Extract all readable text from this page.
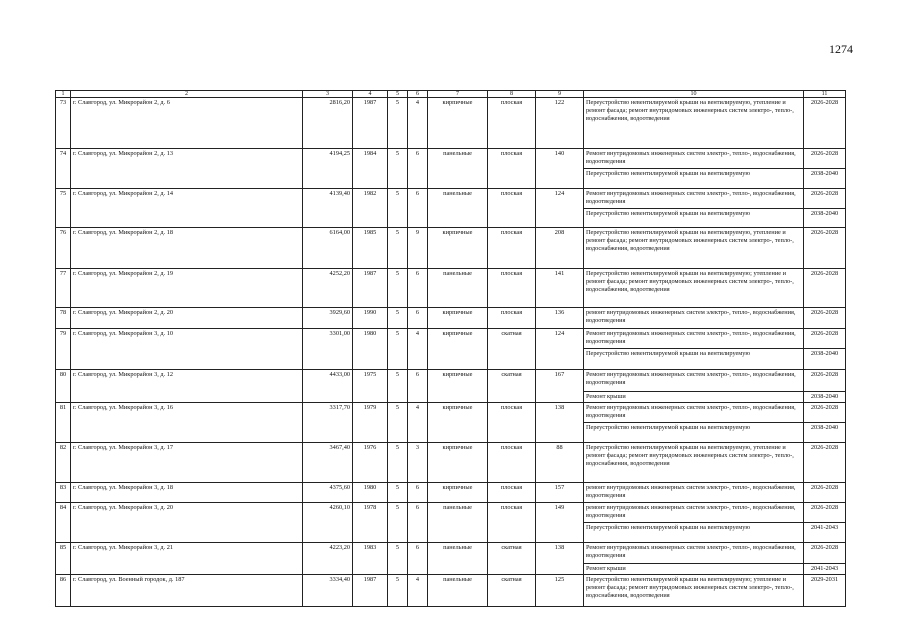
1274
1	2	3	4	5	6	7	8	9	10	11
73	г. Славгород, ул. Микрорайон 2, д. 6	2816,20	1987	5	4	кирпичные	плоская	122	Переустройство невентилируемой крыши на вентилируемую, утепление и ремонт фасада; ремонт внутридомовых инженерных систем электро-, тепло-, водоснабжения, водоотведения	2026-2028
74	г. Славгород, ул. Микрорайон 2, д. 13	4194,25	1984	5	6	панельные	плоская	140	Ремонт внутридомовых инженерных систем электро-, тепло-, водоснабжения, водоотведения	2026-2028
									Переустройство невентилируемой крыши на вентилируемую	2038-2040
75	г. Славгород, ул. Микрорайон 2, д. 14	4139,40	1982	5	6	панельные	плоская	124	Ремонт внутридомовых инженерных систем электро-, тепло-, водоснабжения, водоотведения	2026-2028
									Переустройство невентилируемой крыши на вентилируемую	2038-2040
76	г. Славгород, ул. Микрорайон 2, д. 18	6164,00	1985	5	9	кирпичные	плоская	208	Переустройство невентилируемой крыши на вентилируемую, утепление и ремонт фасада; ремонт внутридомовых инженерных систем электро-, тепло-, водоснабжения, водоотведения	2026-2028
77	г. Славгород, ул. Микрорайон 2, д. 19	4252,20	1987	5	6	панельные	плоская	141	Переустройство невентилируемой крыши на вентилируемую; утепление и ремонт фасада; ремонт внутридомовых инженерных систем электро-, тепло-, водоснабжения, водоотведения	2026-2028
78	г. Славгород, ул. Микрорайон 2, д. 20	3929,60	1990	5	6	кирпичные	плоская	136	ремонт внутридомовых инженерных систем электро-, тепло-, водоснабжения, водоотведения	2026-2028
79	г. Славгород, ул. Микрорайон 3, д. 10	3301,00	1980	5	4	кирпичные	скатная	124	Ремонт внутридомовых инженерных систем электро-, тепло-, водоснабжения, водоотведения	2026-2028
									Переустройство невентилируемой крыши на вентилируемую	2038-2040
80	г. Славгород, ул. Микрорайон 3, д. 12	4433,00	1975	5	6	кирпичные	скатная	167	Ремонт внутридомовых инженерных систем электро-, тепло-, водоснабжения, водоотведения	2026-2028
									Ремонт крыши	2038-2040
81	г. Славгород, ул. Микрорайон 3, д. 16	3317,70	1979	5	4	кирпичные	плоская	138	Ремонт внутридомовых инженерных систем электро-, тепло-, водоснабжения, водоотведения	2026-2028
									Переустройство невентилируемой крыши на вентилируемую	2038-2040
82	г. Славгород, ул. Микрорайон 3, д. 17	3467,40	1976	5	3	кирпичные	плоская	88	Переустройство невентилируемой крыши на вентилируемую, утепление и ремонт фасада; ремонт внутридомовых инженерных систем электро-, тепло-, водоснабжения, водоотведения	2026-2028
83	г. Славгород, ул. Микрорайон 3, д. 18	4375,60	1980	5	6	кирпичные	плоская	157	ремонт внутридомовых инженерных систем электро-, тепло-, водоснабжения, водоотведения	2026-2028
84	г. Славгород, ул. Микрорайон 3, д. 20	4260,10	1978	5	6	панельные	плоская	149	ремонт внутридомовых инженерных систем электро-, тепло-, водоснабжения, водоотведения	2026-2028
									Переустройство невентилируемой крыши на вентилируемую	2041-2043
85	г. Славгород, ул. Микрорайон 3, д. 21	4223,20	1983	5	6	панельные	скатная	138	Ремонт внутридомовых инженерных систем электро-, тепло-, водоснабжения, водоотведения	2026-2028
									Ремонт крыши	2041-2043
86	г. Славгород, ул. Военный городок, д. 187	3334,40	1987	5	4	панельные	скатная	125	Переустройство невентилируемой крыши на вентилируемую; утепление и ремонт фасада; ремонт внутридомовых инженерных систем электро-, тепло-, водоснабжения, водоотведения	2029-2031
